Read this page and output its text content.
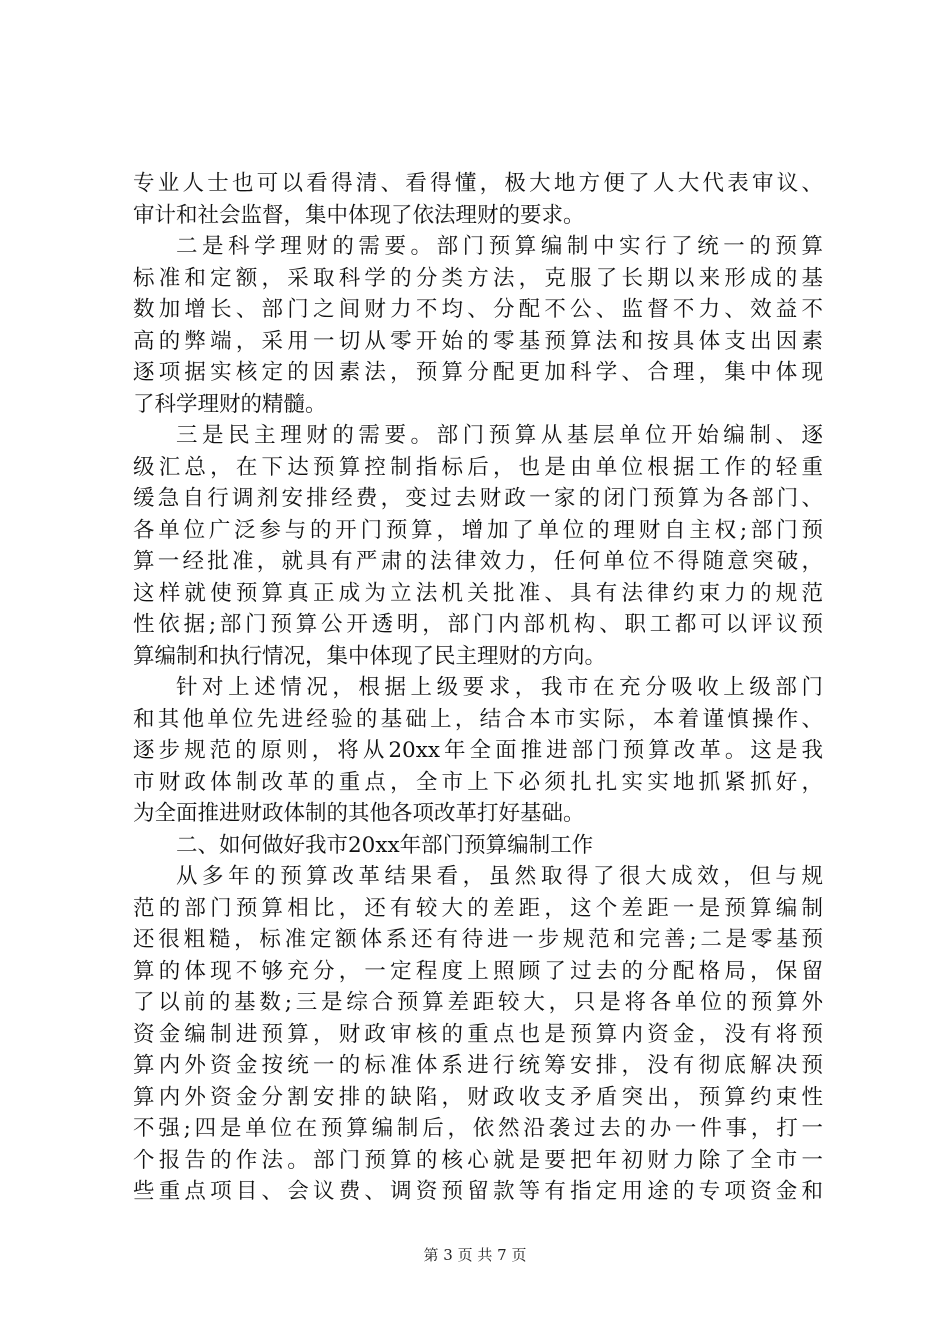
专业人士也可以看得清、看得懂，极大地方便了人大代表审议、
审计和社会监督，集中体现了依法理财的要求。
二是科学理财的需要。部门预算编制中实行了统一的预算
标准和定额，采取科学的分类方法，克服了长期以来形成的基
数加增长、部门之间财力不均、分配不公、监督不力、效益不
高的弊端，采用一切从零开始的零基预算法和按具体支出因素
逐项据实核定的因素法，预算分配更加科学、合理，集中体现
了科学理财的精髓。
三是民主理财的需要。部门预算从基层单位开始编制、逐
级汇总，在下达预算控制指标后，也是由单位根据工作的轻重
缓急自行调剂安排经费，变过去财政一家的闭门预算为各部门、
各单位广泛参与的开门预算，增加了单位的理财自主权;部门预
算一经批准，就具有严肃的法律效力，任何单位不得随意突破，
这样就使预算真正成为立法机关批准、具有法律约束力的规范
性依据;部门预算公开透明，部门内部机构、职工都可以评议预
算编制和执行情况，集中体现了民主理财的方向。
针对上述情况，根据上级要求，我市在充分吸收上级部门
和其他单位先进经验的基础上，结合本市实际，本着谨慎操作、
逐步规范的原则，将从20xx年全面推进部门预算改革。这是我
市财政体制改革的重点，全市上下必须扎扎实实地抓紧抓好，
为全面推进财政体制的其他各项改革打好基础。
二、如何做好我市20xx年部门预算编制工作
从多年的预算改革结果看，虽然取得了很大成效，但与规
范的部门预算相比，还有较大的差距，这个差距一是预算编制
还很粗糙，标准定额体系还有待进一步规范和完善;二是零基预
算的体现不够充分，一定程度上照顾了过去的分配格局，保留
了以前的基数;三是综合预算差距较大，只是将各单位的预算外
资金编制进预算，财政审核的重点也是预算内资金，没有将预
算内外资金按统一的标准体系进行统筹安排，没有彻底解决预
算内外资金分割安排的缺陷，财政收支矛盾突出，预算约束性
不强;四是单位在预算编制后，依然沿袭过去的办一件事，打一
个报告的作法。部门预算的核心就是要把年初财力除了全市一
些重点项目、会议费、调资预留款等有指定用途的专项资金和
第 3 页 共 7 页
